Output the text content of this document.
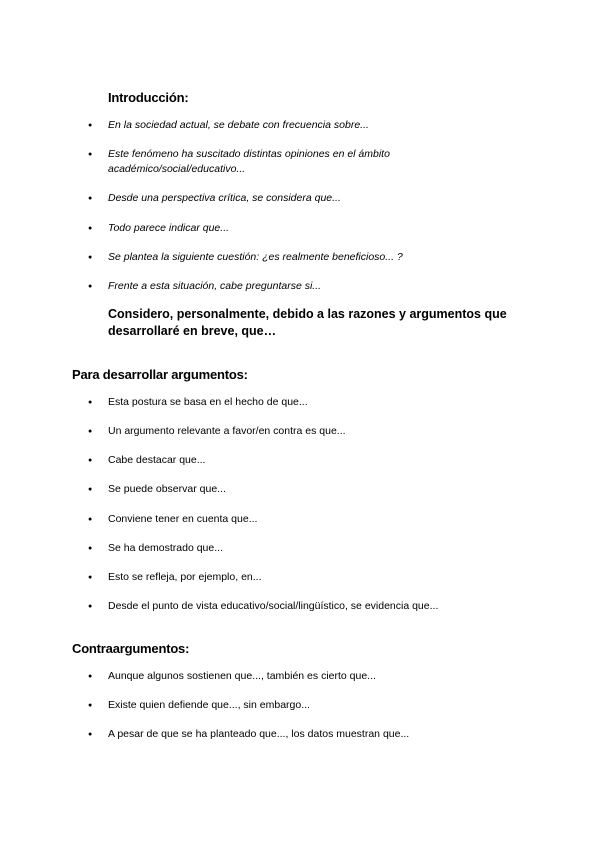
Introducción:
● En la sociedad actual, se debate con frecuencia sobre...
● Este fenómeno ha suscitado distintas opiniones en el ámbito académico/social/educativo...
● Desde una perspectiva crítica, se considera que...
● Todo parece indicar que...
● Se plantea la siguiente cuestión: ¿es realmente beneficioso... ?
● Frente a esta situación, cabe preguntarse si...
Considero, personalmente, debido a las razones y argumentos que desarrollaré en breve, que…
Para desarrollar argumentos:
● Esta postura se basa en el hecho de que...
● Un argumento relevante a favor/en contra es que...
● Cabe destacar que...
● Se puede observar que...
● Conviene tener en cuenta que...
● Se ha demostrado que...
● Esto se refleja, por ejemplo, en...
● Desde el punto de vista educativo/social/lingüístico, se evidencia que...
Contraargumentos:
● Aunque algunos sostienen que..., también es cierto que...
● Existe quien defiende que..., sin embargo...
● A pesar de que se ha planteado que..., los datos muestran que...
